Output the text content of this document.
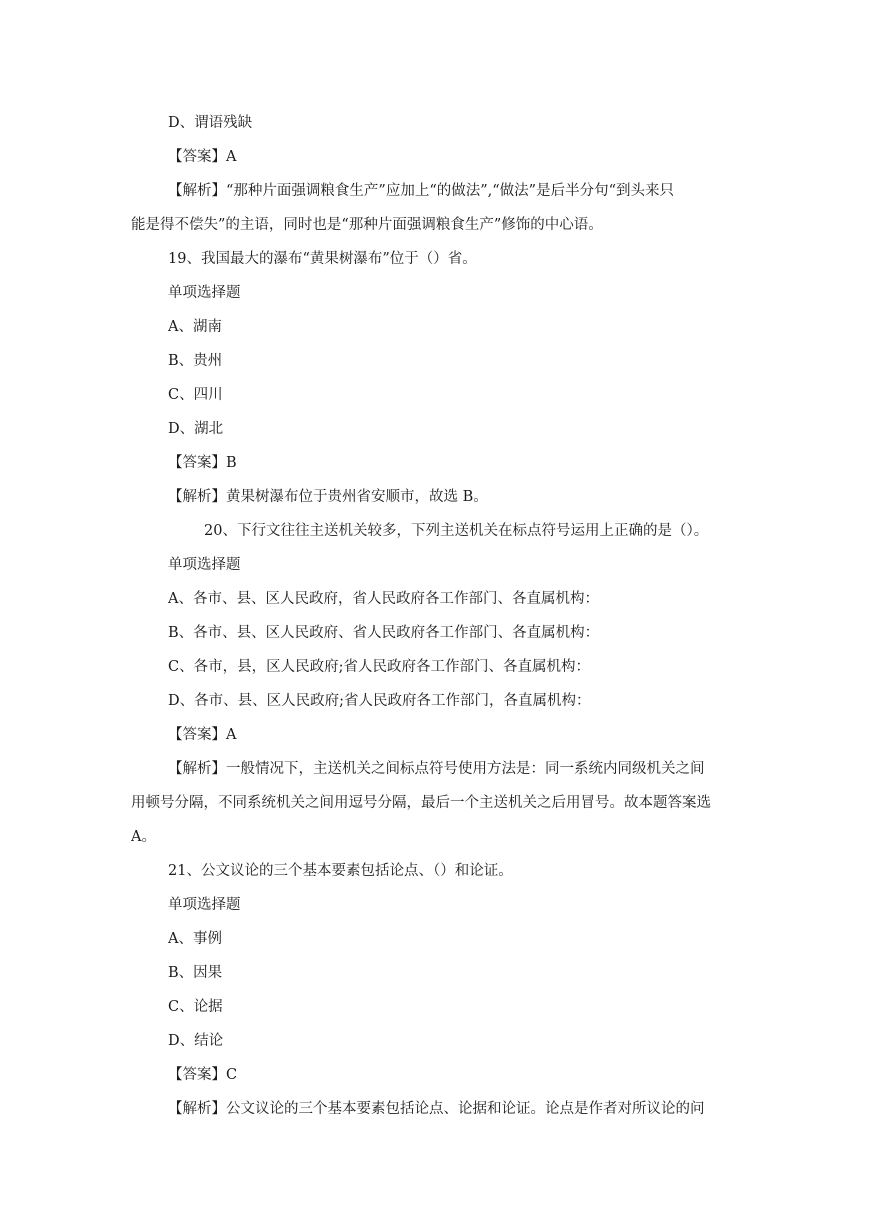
D、谓语残缺
【答案】A
【解析】“那种片面强调粮食生产”应加上“的做法”,“做法”是后半分句“到头来只
能是得不偿失”的主语，同时也是“那种片面强调粮食生产”修饰的中心语。
19、我国最大的瀑布“黄果树瀑布”位于（）省。
单项选择题
A、湖南
B、贵州
C、四川
D、湖北
【答案】B
【解析】黄果树瀑布位于贵州省安顺市，故选 B。
20、下行文往往主送机关较多，下列主送机关在标点符号运用上正确的是（）。
单项选择题
A、各市、县、区人民政府，省人民政府各工作部门、各直属机构：
B、各市、县、区人民政府、省人民政府各工作部门、各直属机构：
C、各市，县，区人民政府;省人民政府各工作部门、各直属机构：
D、各市、县、区人民政府;省人民政府各工作部门，各直属机构：
【答案】A
【解析】一般情况下，主送机关之间标点符号使用方法是：同一系统内同级机关之间
用顿号分隔，不同系统机关之间用逗号分隔，最后一个主送机关之后用冒号。故本题答案选
A。
21、公文议论的三个基本要素包括论点、（）和论证。
单项选择题
A、事例
B、因果
C、论据
D、结论
【答案】C
【解析】公文议论的三个基本要素包括论点、论据和论证。论点是作者对所议论的问
